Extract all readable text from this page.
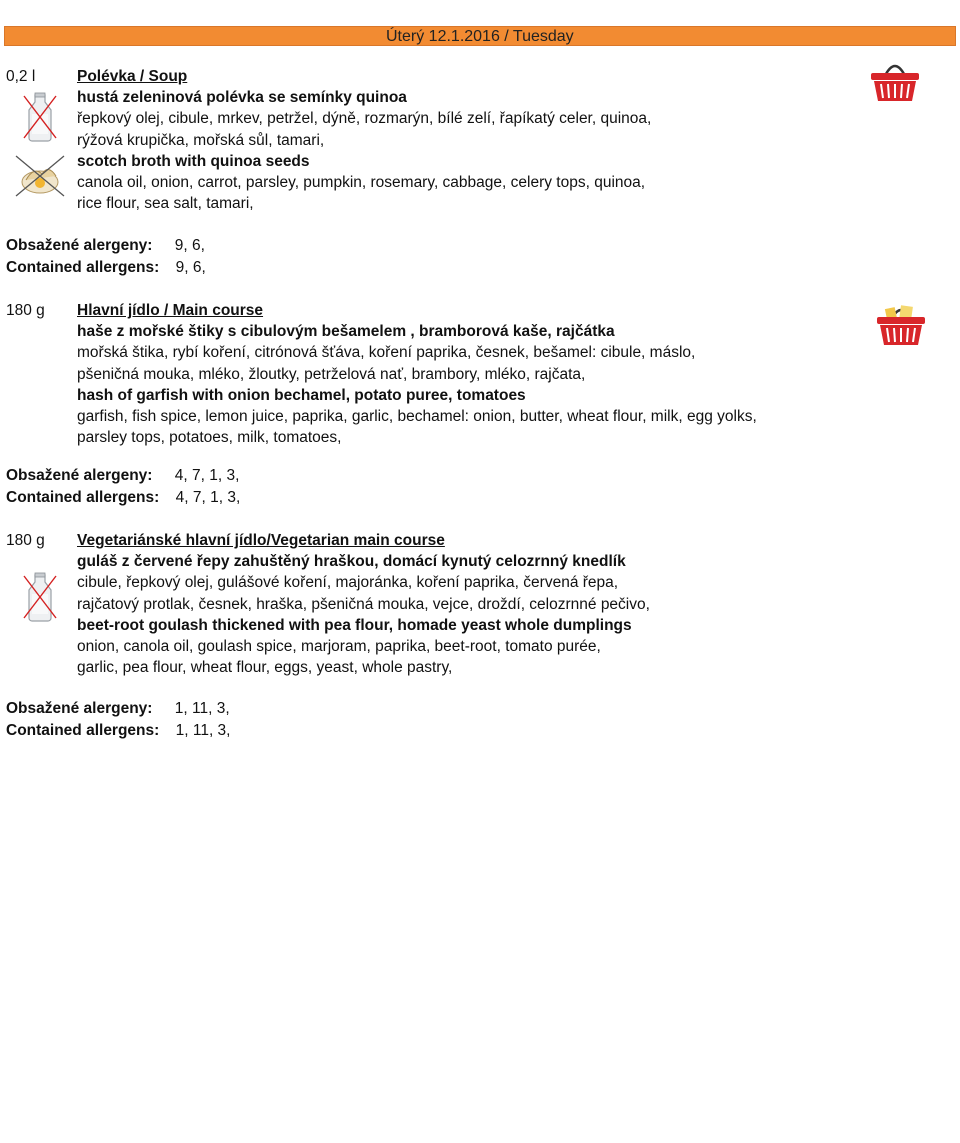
Úterý 12.1.2016 / Tuesday
0,2 l	Polévka / Soup
hustá zeleninová polévka se semínky quinoa
řepkový olej, cibule, mrkev, petržel, dýně, rozmarýn, bílé zelí, řapíkatý celer, quinoa,
rýžová krupička, mořská sůl, tamari,
scotch broth with quinoa seeds
canola oil, onion, carrot, parsley, pumpkin, rosemary, cabbage, celery tops, quinoa,
rice flour, sea salt, tamari,
Obsažené alergeny: 9, 6,
Contained allergens: 9, 6,
180 g Hlavní jídlo / Main course
haše z mořské štiky s cibulovým bešamelem , bramborová kaše, rajčátka
mořská štika, rybí koření, citrónová šťáva, koření paprika, česnek, bešamel: cibule, máslo,
pšeničná mouka, mléko, žloutky, petrželová nať, brambory, mléko, rajčata,
hash of garfish with onion bechamel, potato puree, tomatoes
garfish, fish spice, lemon juice, paprika, garlic, bechamel: onion, butter, wheat flour, milk, egg yolks,
parsley tops, potatoes, milk, tomatoes,
Obsažené alergeny: 4, 7, 1, 3,
Contained allergens: 4, 7, 1, 3,
180 g Vegetariánské hlavní jídlo/Vegetarian main course
guláš z červené řepy zahuštěný hraškou, domácí kynutý celozrnný knedlík
cibule, řepkový olej, gulášové koření, majoránka, koření paprika, červená řepa,
rajčatový protlak, česnek, hraška, pšeničná mouka, vejce, droždí, celozrnné pečivo,
beet-root goulash thickened with pea flour, homade yeast whole dumplings
onion, canola oil, goulash spice, marjoram, paprika, beet-root, tomato purée,
garlic, pea flour, wheat flour, eggs, yeast, whole pastry,
Obsažené alergeny: 1, 11, 3,
Contained allergens: 1, 11, 3,
